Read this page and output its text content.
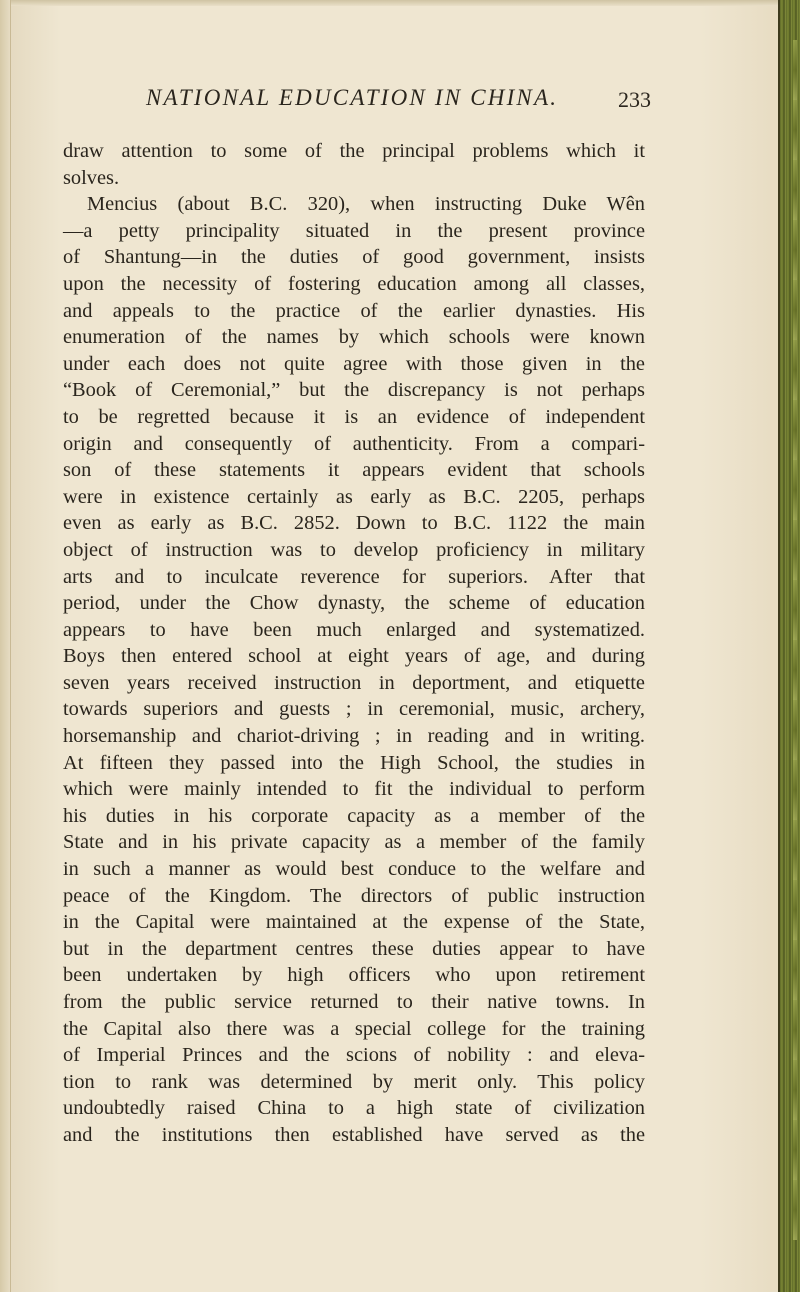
NATIONAL EDUCATION IN CHINA.	233
draw attention to some of the principal problems which it
solves.
Mencius (about B.C. 320), when instructing Duke Wên
—a petty principality situated in the present province
of Shantung—in the duties of good government, insists
upon the necessity of fostering education among all classes,
and appeals to the practice of the earlier dynasties. His
enumeration of the names by which schools were known
under each does not quite agree with those given in the
“Book of Ceremonial,” but the discrepancy is not perhaps
to be regretted because it is an evidence of independent
origin and consequently of authenticity. From a compari-
son of these statements it appears evident that schools
were in existence certainly as early as B.C. 2205, perhaps
even as early as B.C. 2852. Down to B.C. 1122 the main
object of instruction was to develop proficiency in military
arts and to inculcate reverence for superiors. After that
period, under the Chow dynasty, the scheme of education
appears to have been much enlarged and systematized.
Boys then entered school at eight years of age, and during
seven years received instruction in deportment, and etiquette
towards superiors and guests ; in ceremonial, music, archery,
horsemanship and chariot-driving ; in reading and in writing.
At fifteen they passed into the High School, the studies in
which were mainly intended to fit the individual to perform
his duties in his corporate capacity as a member of the
State and in his private capacity as a member of the family
in such a manner as would best conduce to the welfare and
peace of the Kingdom. The directors of public instruction
in the Capital were maintained at the expense of the State,
but in the department centres these duties appear to have
been undertaken by high officers who upon retirement
from the public service returned to their native towns. In
the Capital also there was a special college for the training
of Imperial Princes and the scions of nobility : and eleva-
tion to rank was determined by merit only. This policy
undoubtedly raised China to a high state of civilization
and the institutions then established have served as the
